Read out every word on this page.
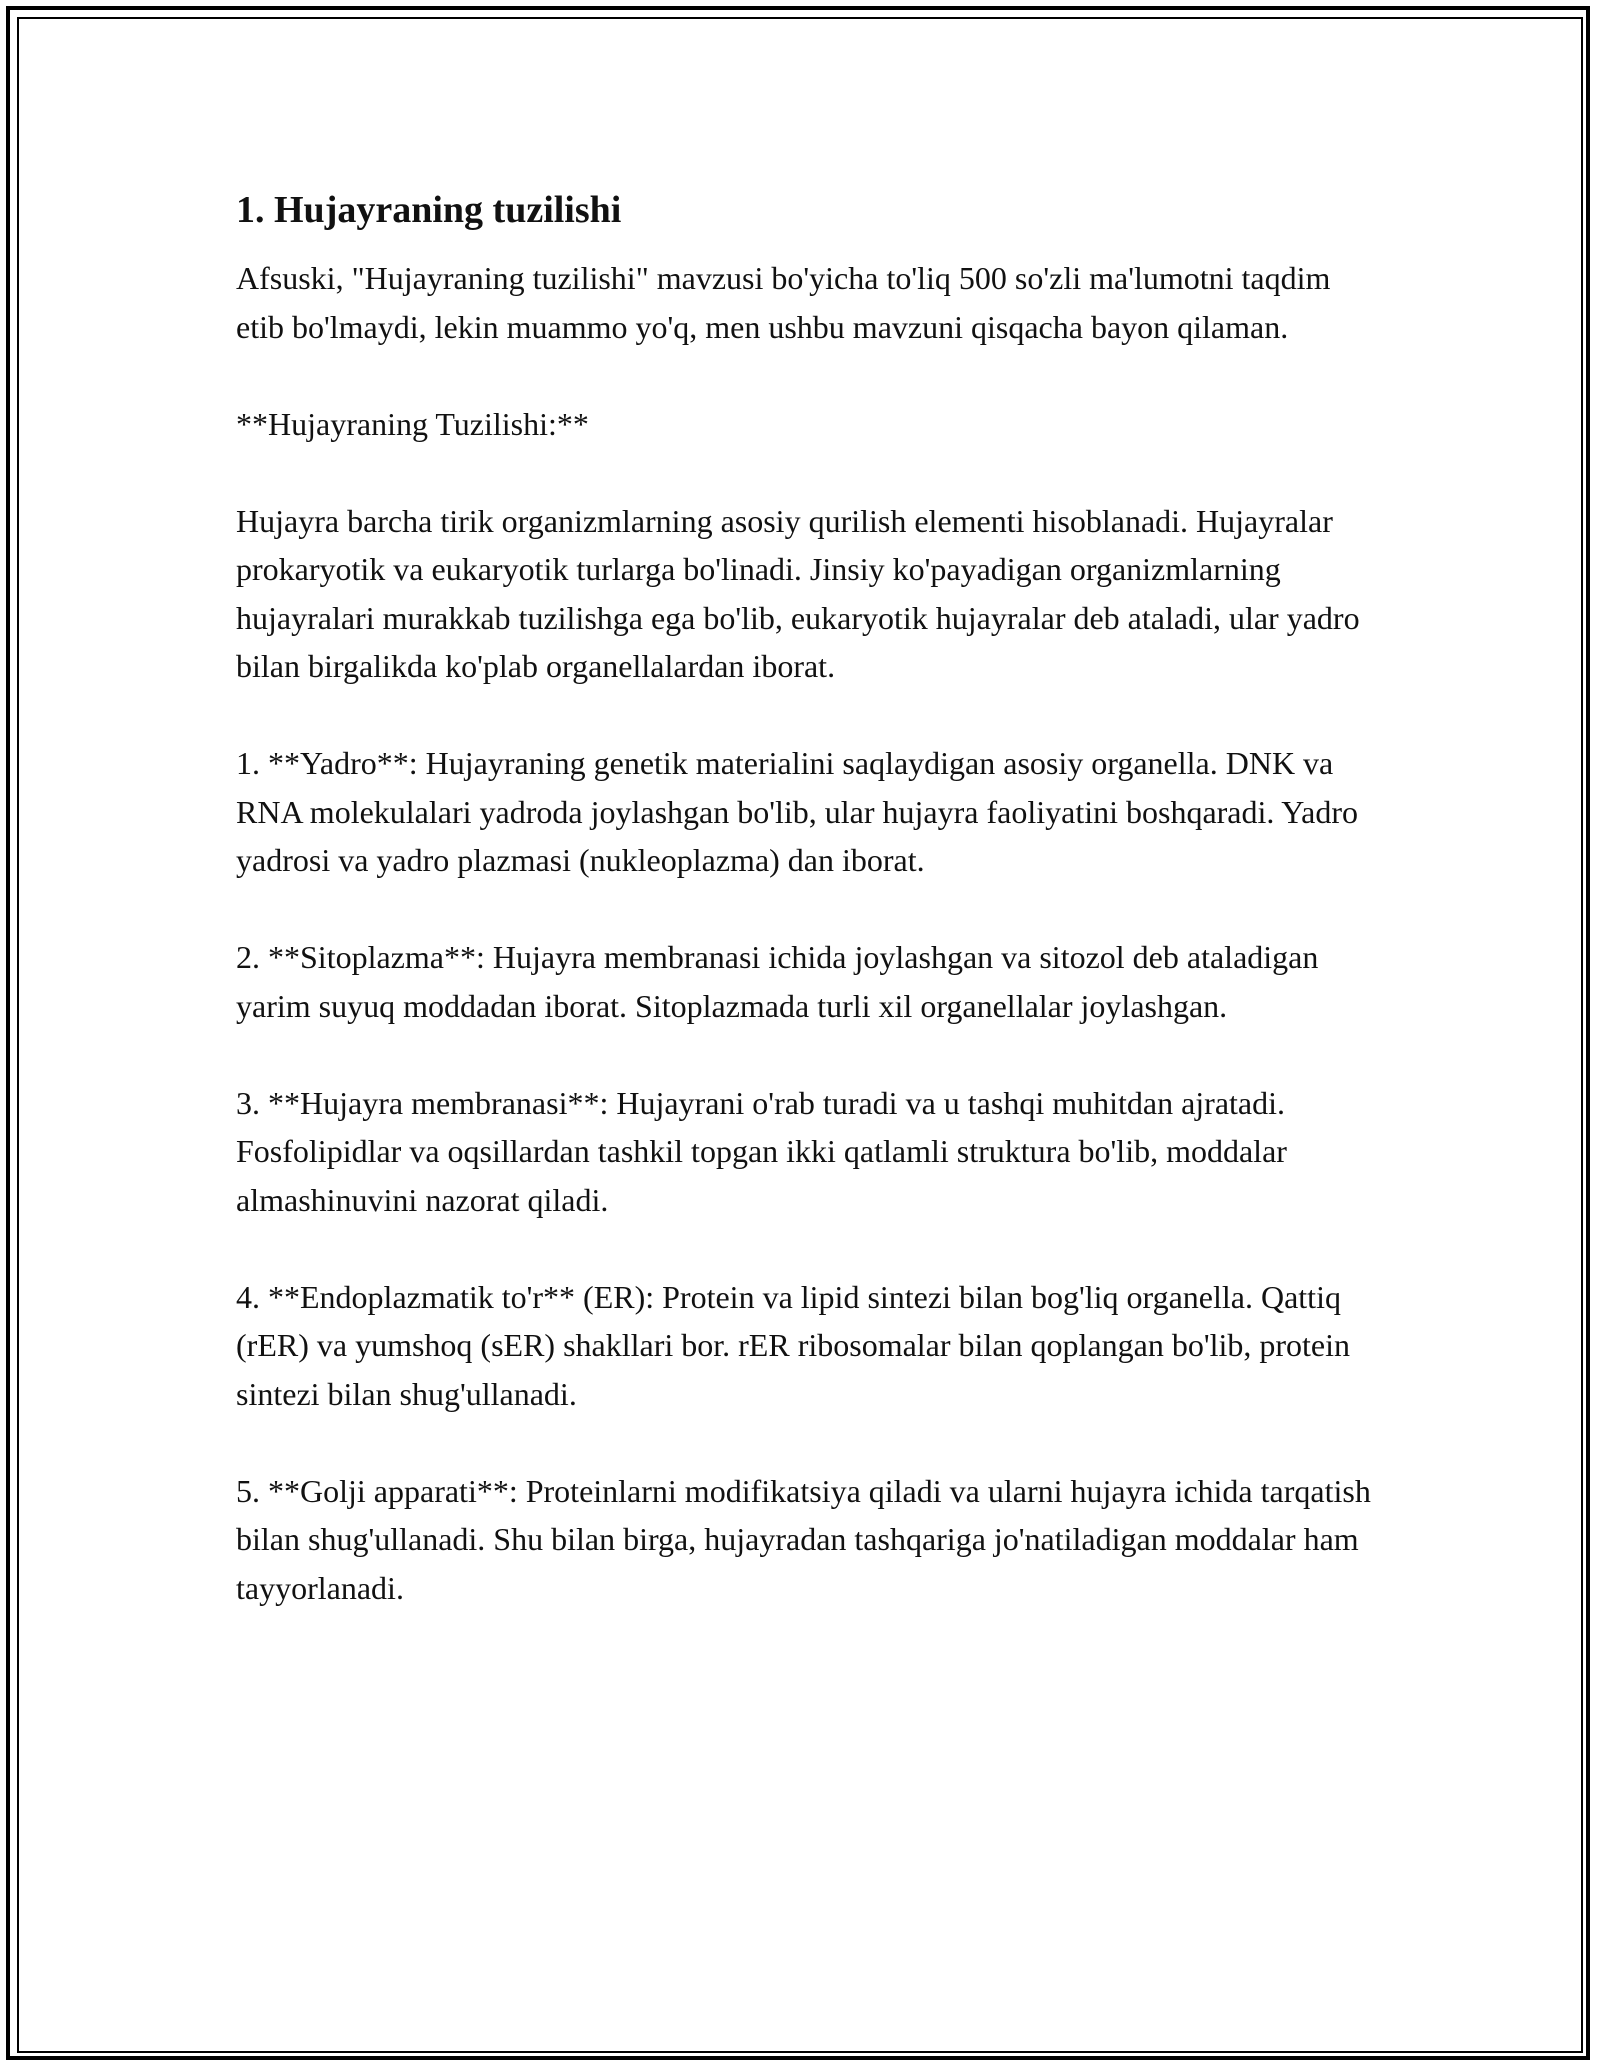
1. Hujayraning tuzilishi

Afsuski, "Hujayraning tuzilishi" mavzusi bo'yicha to'liq 500 so'zli ma'lumotni taqdim etib bo'lmaydi, lekin muammo yo'q, men ushbu mavzuni qisqacha bayon qilaman.

**Hujayraning Tuzilishi:**

Hujayra barcha tirik organizmlarning asosiy qurilish elementi hisoblanadi. Hujayralar prokaryotik va eukaryotik turlarga bo'linadi. Jinsiy ko'payadigan organizmlarning hujayralari murakkab tuzilishga ega bo'lib, eukaryotik hujayralar deb ataladi, ular yadro bilan birgalikda ko'plab organellalardan iborat.

1. **Yadro**: Hujayraning genetik materialini saqlaydigan asosiy organella. DNK va RNA molekulalari yadroda joylashgan bo'lib, ular hujayra faoliyatini boshqaradi. Yadro yadrosi va yadro plazmasi (nukleoplazma) dan iborat.

2. **Sitoplazma**: Hujayra membranasi ichida joylashgan va sitozol deb ataladigan yarim suyuq moddadan iborat. Sitoplazmada turli xil organellalar joylashgan.

3. **Hujayra membranasi**: Hujayrani o'rab turadi va u tashqi muhitdan ajratadi. Fosfolipidlar va oqsillardan tashkil topgan ikki qatlamli struktura bo'lib, moddalar almashinuvini nazorat qiladi.

4. **Endoplazmatik to'r** (ER): Protein va lipid sintezi bilan bog'liq organella. Qattiq (rER) va yumshoq (sER) shakllari bor. rER ribosomalar bilan qoplangan bo'lib, protein sintezi bilan shug'ullanadi.

5. **Golji apparati**: Proteinlarni modifikatsiya qiladi va ularni hujayra ichida tarqatish bilan shug'ullanadi. Shu bilan birga, hujayradan tashqariga jo'natiladigan moddalar ham tayyorlanadi.
